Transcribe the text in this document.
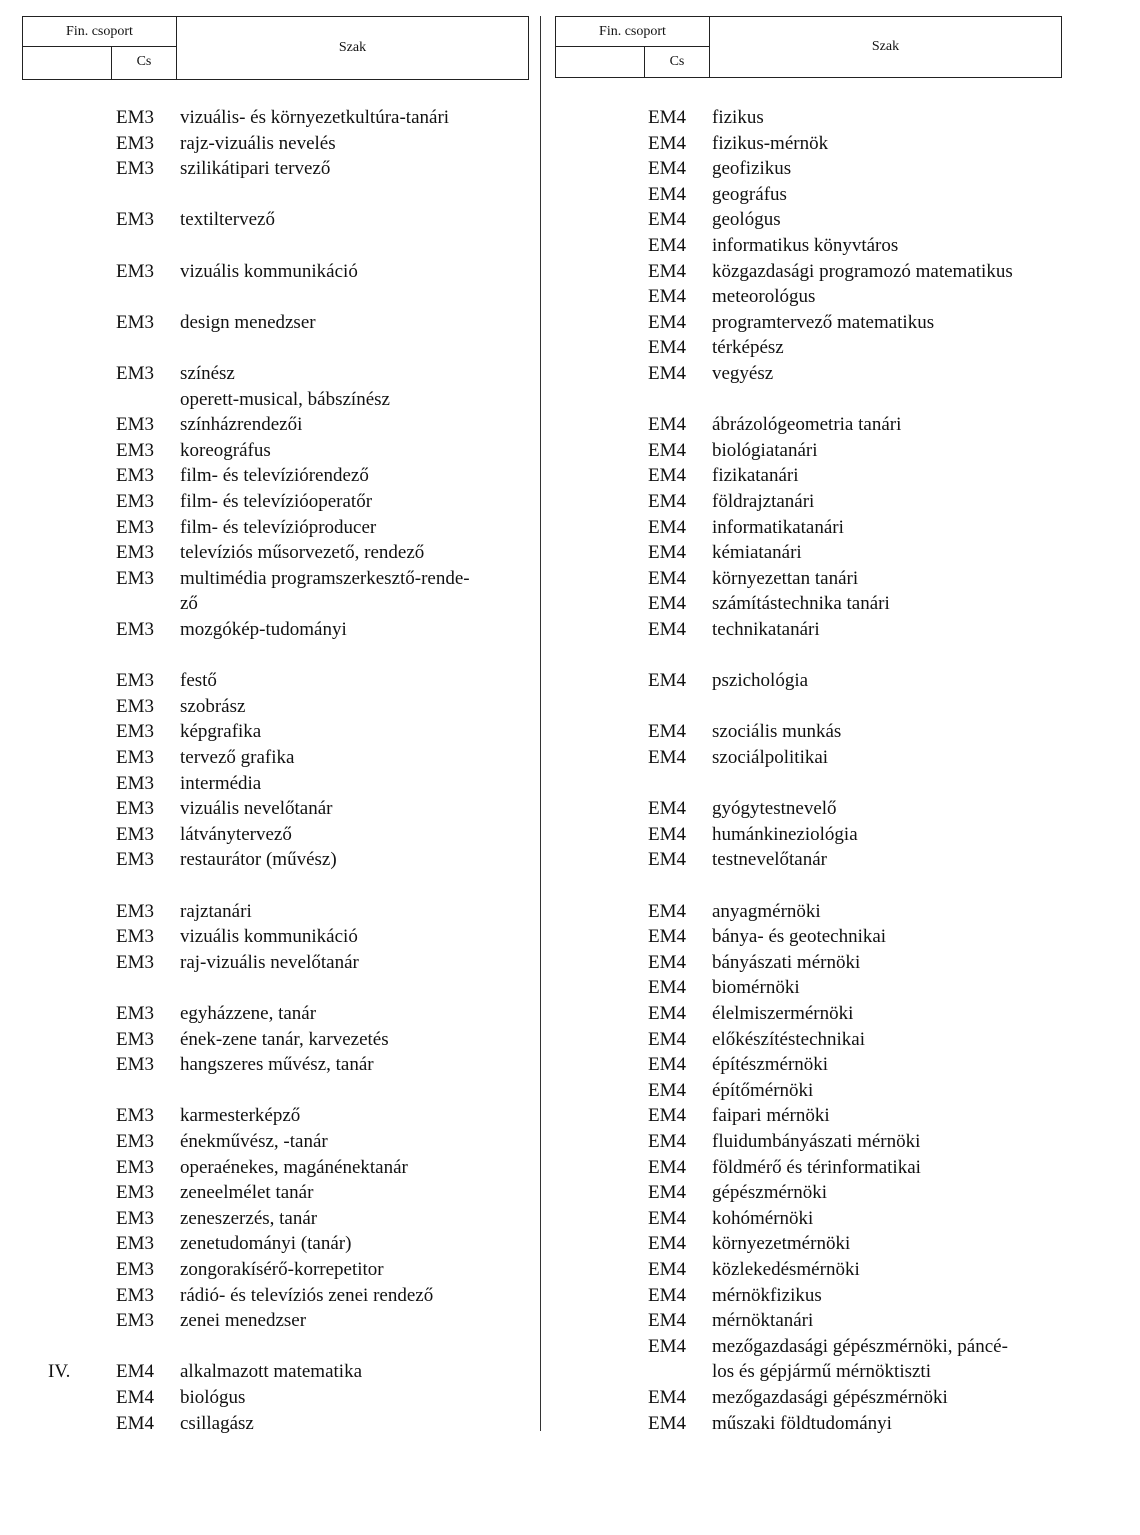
Fin. csoport
Cs
Szak
Fin. csoport
Cs
Szak
EM3 vizuális- és környezetkultúra-tanári
EM3 rajz-vizuális nevelés
EM3 szilikátipari tervező
EM3 textiltervező
EM3 vizuális kommunikáció
EM3 design menedzser
EM3 színész
operett-musical, bábszínész
EM3 színházrendezői
EM3 koreográfus
EM3 film- és televíziórendező
EM3 film- és televízióoperatőr
EM3 film- és televízióproducer
EM3 televíziós műsorvezető, rendező
EM3 multimédia programszerkesztő-rende-
ző
EM3 mozgókép-tudományi
EM3 festő
EM3 szobrász
EM3 képgrafika
EM3 tervező grafika
EM3 intermédia
EM3 vizuális nevelőtanár
EM3 látványtervező
EM3 restaurátor (művész)
EM3 rajztanári
EM3 vizuális kommunikáció
EM3 raj-vizuális nevelőtanár
EM3 egyházzene, tanár
EM3 ének-zene tanár, karvezetés
EM3 hangszeres művész, tanár
EM3 karmesterképző
EM3 énekművész, -tanár
EM3 operaénekes, magánénektanár
EM3 zeneelmélet tanár
EM3 zeneszerzés, tanár
EM3 zenetudományi (tanár)
EM3 zongorakísérő-korrepetitor
EM3 rádió- és televíziós zenei rendező
EM3 zenei menedzser
IV. EM4 alkalmazott matematika
EM4 biológus
EM4 csillagász
EM4 fizikus
EM4 fizikus-mérnök
EM4 geofizikus
EM4 geográfus
EM4 geológus
EM4 informatikus könyvtáros
EM4 közgazdasági programozó matematikus
EM4 meteorológus
EM4 programtervező matematikus
EM4 térképész
EM4 vegyész
EM4 ábrázológeometria tanári
EM4 biológiatanári
EM4 fizikatanári
EM4 földrajztanári
EM4 informatikatanári
EM4 kémiatanári
EM4 környezettan tanári
EM4 számítástechnika tanári
EM4 technikatanári
EM4 pszichológia
EM4 szociális munkás
EM4 szociálpolitikai
EM4 gyógytestnevelő
EM4 humánkineziológia
EM4 testnevelőtanár
EM4 anyagmérnöki
EM4 bánya- és geotechnikai
EM4 bányászati mérnöki
EM4 biomérnöki
EM4 élelmiszermérnöki
EM4 előkészítéstechnikai
EM4 építészmérnöki
EM4 építőmérnöki
EM4 faipari mérnöki
EM4 fluidumbányászati mérnöki
EM4 földmérő és térinformatikai
EM4 gépészmérnöki
EM4 kohómérnöki
EM4 környezetmérnöki
EM4 közlekedésmérnöki
EM4 mérnökfizikus
EM4 mérnöktanári
EM4 mezőgazdasági gépészmérnöki, páncé-
los és gépjármű mérnöktiszti
EM4 mezőgazdasági gépészmérnöki
EM4 műszaki földtudományi
